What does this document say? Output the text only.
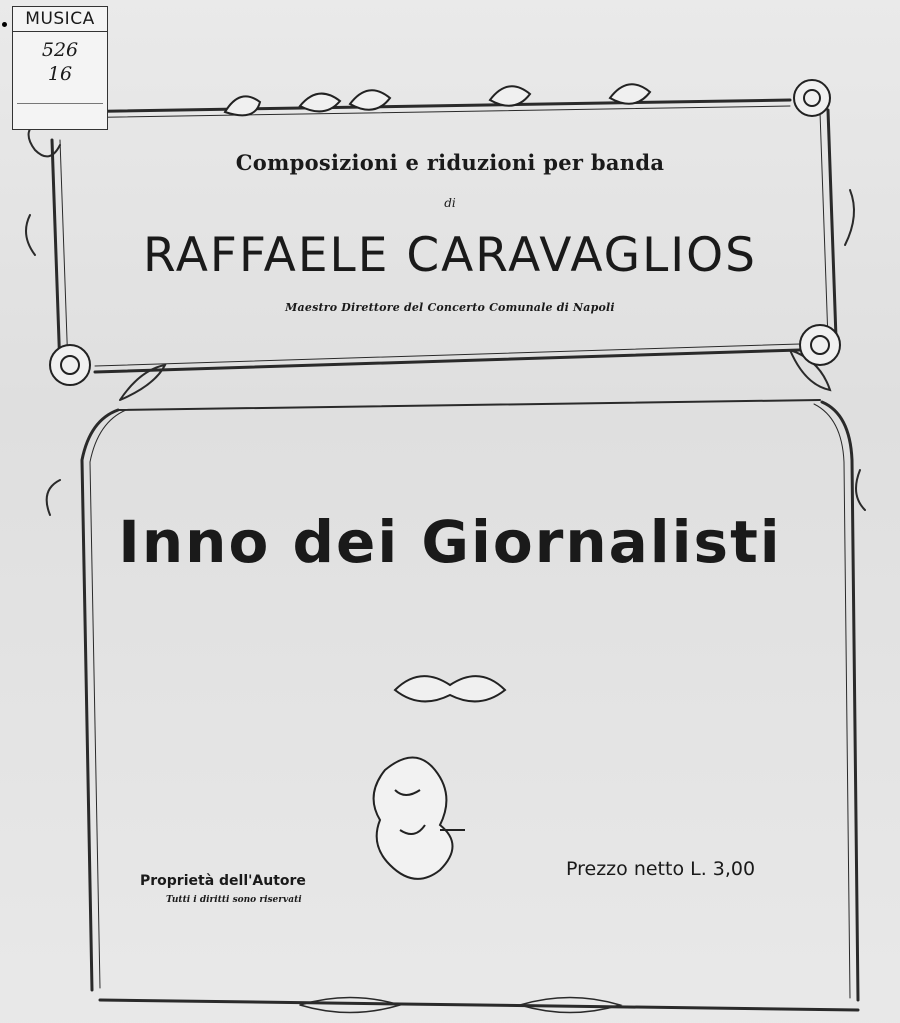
MUSICA
526
16
Composizioni e riduzioni per banda
di
RAFFAELE CARAVAGLIOS
Maestro Direttore del Concerto Comunale di Napoli
Inno dei Giornalisti
Proprietà dell'Autore
Tutti i diritti sono riservati
Prezzo netto L. 3,00
